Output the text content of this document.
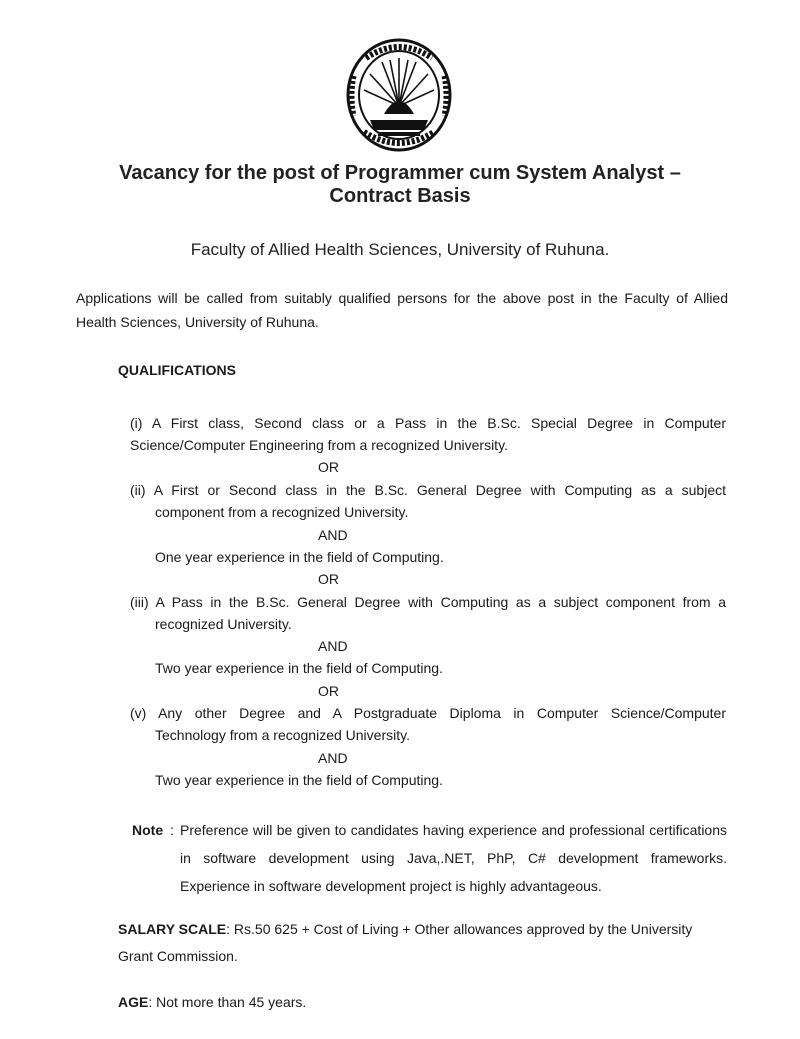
Vacancy for the post of Programmer cum System Analyst –
Contract Basis
Faculty of Allied Health Sciences, University of Ruhuna.
Applications will be called from suitably qualified persons for the above post in the Faculty of Allied Health Sciences, University of Ruhuna.
QUALIFICATIONS
(i) A First class, Second class or a Pass in the B.Sc. Special Degree in Computer Science/Computer Engineering from a recognized University.
OR
(ii) A First or Second class in the B.Sc. General Degree with Computing as a subject
component from a recognized University.
AND
One year experience in the field of Computing.
OR
(iii) A Pass in the B.Sc. General Degree with Computing as a subject component from a
recognized University.
AND
Two year experience in the field of Computing.
OR
(v) Any other Degree and A Postgraduate Diploma in Computer Science/Computer
Technology from a recognized University.
AND
Two year experience in the field of Computing.
Note : Preference will be given to candidates having experience and professional certifications in software development using Java,.NET, PhP, C# development frameworks. Experience in software development project is highly advantageous.
SALARY SCALE: Rs.50 625 + Cost of Living + Other allowances approved by the University Grant Commission.
AGE: Not more than 45 years.
